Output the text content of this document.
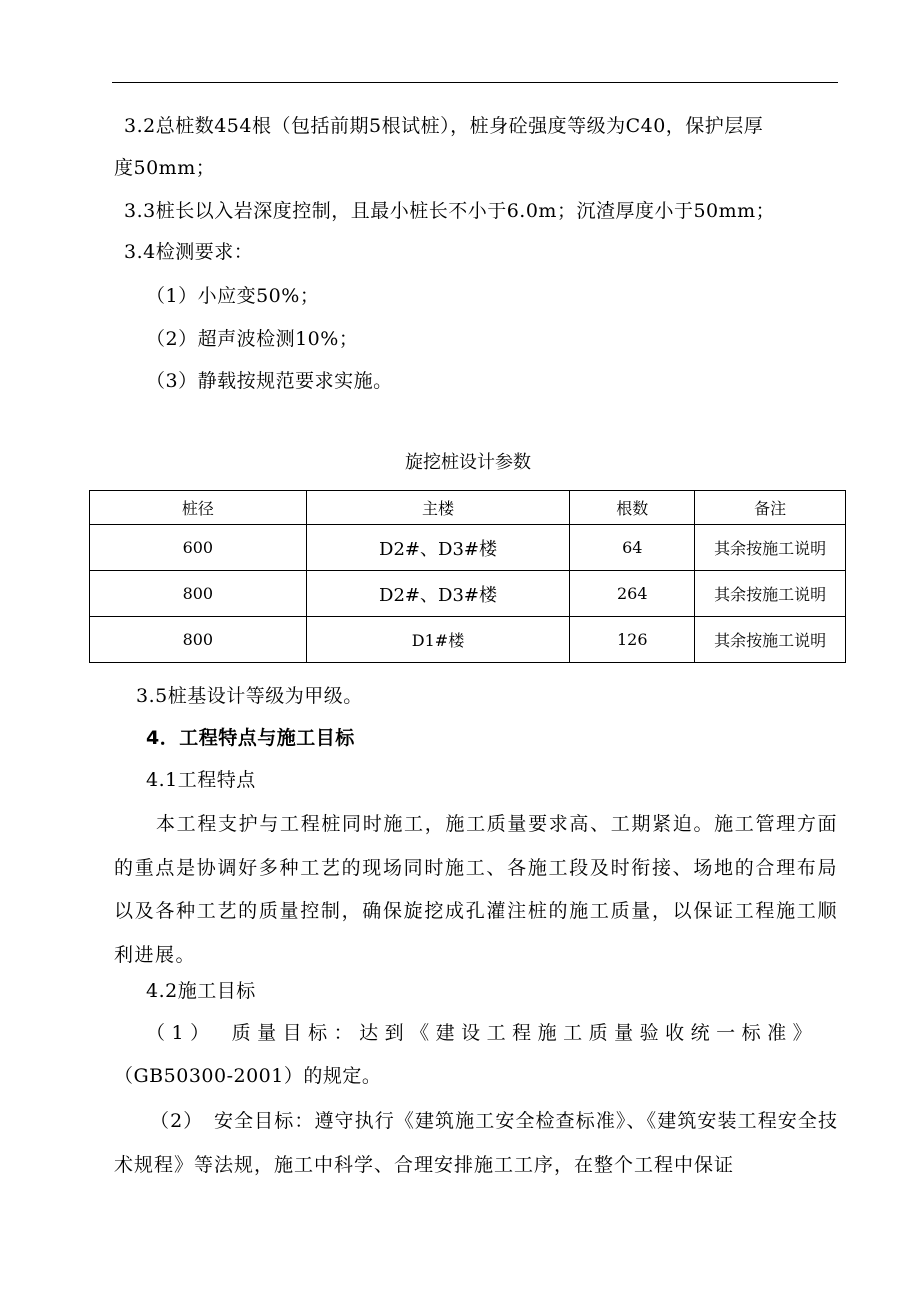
3.2总桩数454根（包括前期5根试桩），桩身砼强度等级为C40，保护层厚
度50mm；
3.3桩长以入岩深度控制，且最小桩长不小于6.0m；沉渣厚度小于50mm；
3.4检测要求：
（1）小应变50%；
（2）超声波检测10%；
（3）静载按规范要求实施。
旋挖桩设计参数
桩径	主楼	根数	备注
600	D2#、D3#楼	64	其余按施工说明
800	D2#、D3#楼	264	其余按施工说明
800	D1#楼	126	其余按施工说明
3.5桩基设计等级为甲级。
4．工程特点与施工目标
4.1工程特点
本工程支护与工程桩同时施工，施工质量要求高、工期紧迫。施工管理方面的重点是协调好多种工艺的现场同时施工、各施工段及时衔接、场地的合理布局以及各种工艺的质量控制，确保旋挖成孔灌注桩的施工质量，以保证工程施工顺利进展。
4.2施工目标
（1）　质量目标：达到《建设工程施工质量验收统一标准》
（GB50300-2001）的规定。
（2）　安全目标：遵守执行《建筑施工安全检查标准》、《建筑安装工程安全技术规程》等法规，施工中科学、合理安排施工工序，在整个工程中保证
